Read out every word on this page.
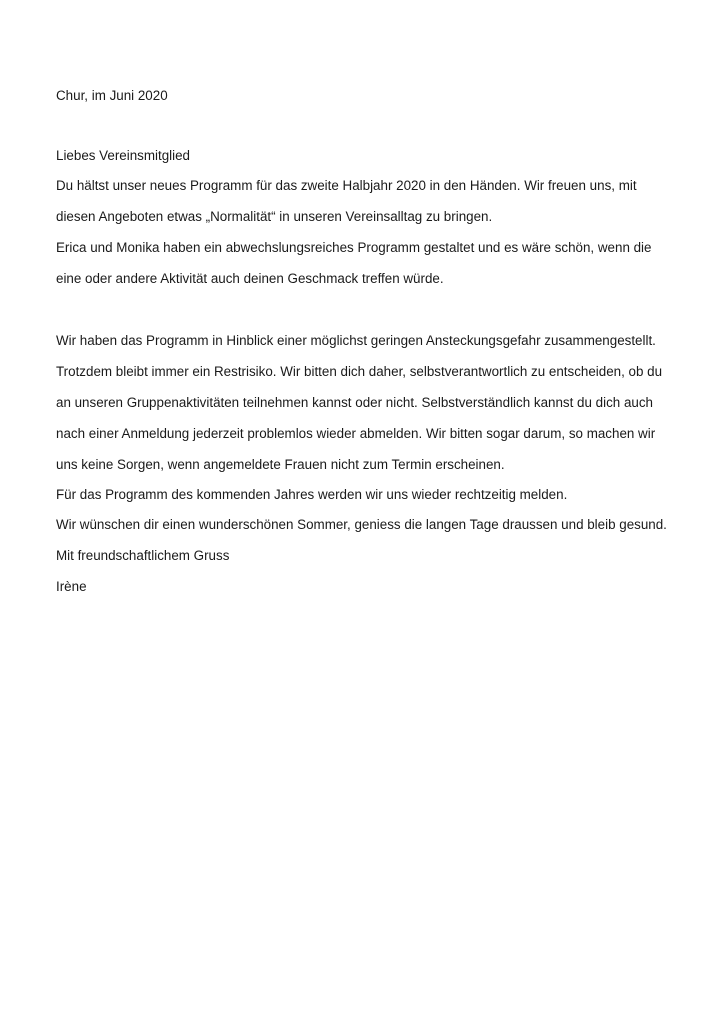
Chur, im Juni 2020
Liebes Vereinsmitglied
Du hältst unser neues Programm für das zweite Halbjahr 2020 in den Händen. Wir freuen uns, mit
diesen Angeboten etwas „Normalität“ in unseren Vereinsalltag zu bringen.
Erica und Monika haben ein abwechslungsreiches Programm gestaltet und es wäre schön, wenn die
eine oder andere Aktivität auch deinen Geschmack treffen würde.
Wir haben das Programm in Hinblick einer möglichst geringen Ansteckungsgefahr zusammengestellt.
Trotzdem bleibt immer ein Restrisiko. Wir bitten dich daher, selbstverantwortlich zu entscheiden, ob du
an unseren Gruppenaktivitäten teilnehmen kannst oder nicht. Selbstverständlich kannst du dich auch
nach einer Anmeldung jederzeit problemlos wieder abmelden. Wir bitten sogar darum, so machen wir
uns keine Sorgen, wenn angemeldete Frauen nicht zum Termin erscheinen.
Für das Programm des kommenden Jahres werden wir uns wieder rechtzeitig melden.
Wir wünschen dir einen wunderschönen Sommer, geniess die langen Tage draussen und bleib gesund.
Mit freundschaftlichem Gruss
Irène
